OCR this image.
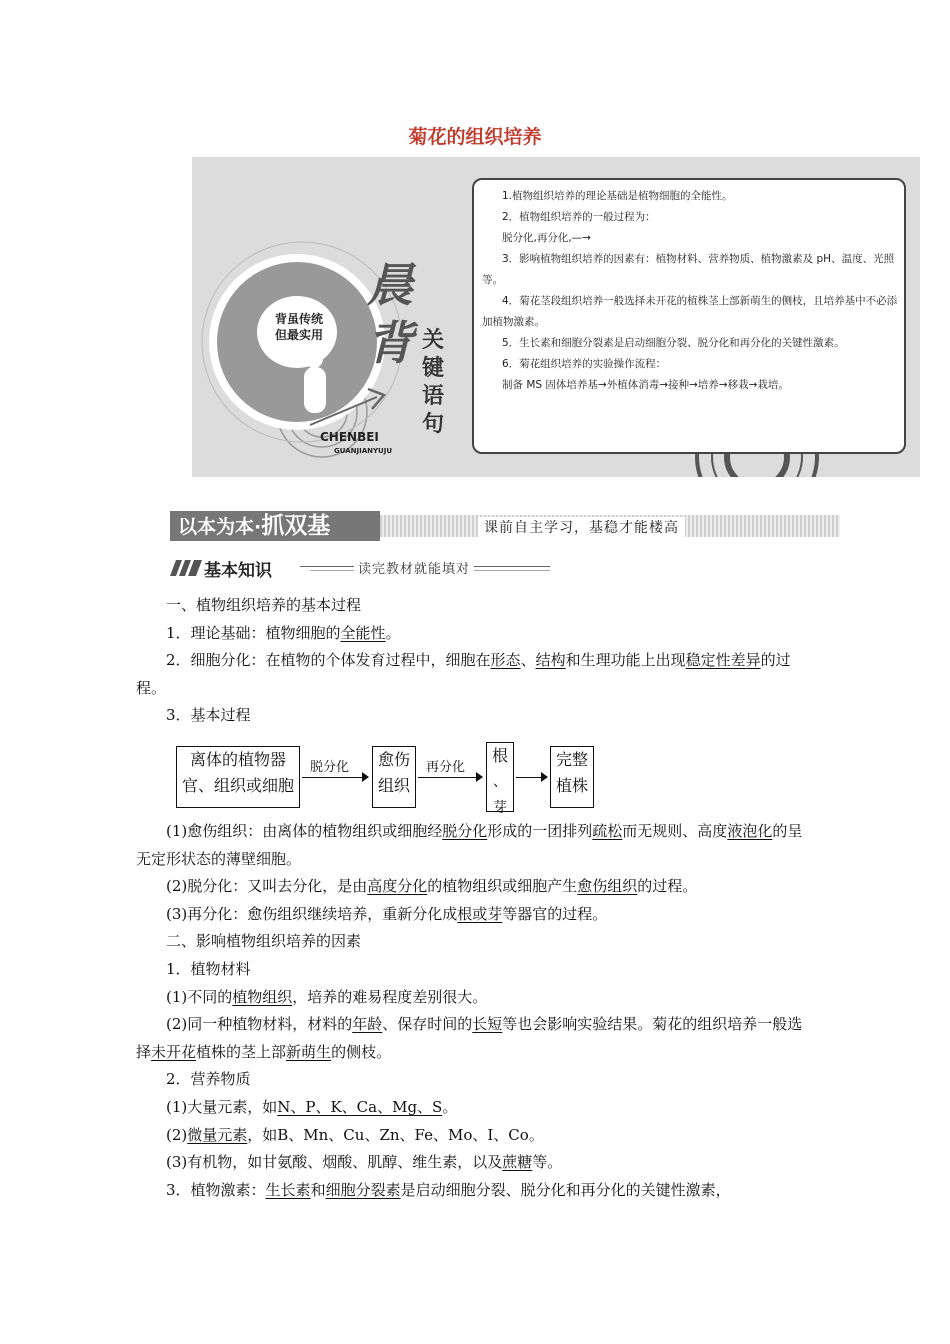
菊花的组织培养
背虽传统
但最实用
晨
背 关
键
语
句
CHENBEI
GUANJIANYUJU

1.植物组织培养的理论基础是植物细胞的全能性。

2．植物组织培养的一般过程为：

脱分化,再分化,—→

3．影响植物组织培养的因素有：植物材料、营养物质、植物激素及 pH、温度、光照等。

4．菊花茎段组织培养一般选择未开花的植株茎上部新萌生的侧枝，且培养基中不必添加植物激素。

5．生长素和细胞分裂素是启动细胞分裂、脱分化和再分化的关键性激素。

6．菊花组织培养的实验操作流程：

制备 MS 固体培养基→外植体消毒→接种→培养→移栽→栽培。

以本为本·抓双基	课前自主学习，基稳才能楼高
基本知识	读完教材就能填对

一、植物组织培养的基本过程

1．理论基础：植物细胞的全能性。

2．细胞分化：在植物的个体发育过程中，细胞在形态、结构和生理功能上出现稳定性差异的过程。

3．基本过程

离体的植物器
官、组织或细胞
脱分化	愈伤
组织
再分化
根
、芽
完整
植株

(1)愈伤组织：由离体的植物组织或细胞经脱分化形成的一团排列疏松而无规则、高度液泡化的呈无定形状态的薄壁细胞。

(2)脱分化：又叫去分化，是由高度分化的植物组织或细胞产生愈伤组织的过程。

(3)再分化：愈伤组织继续培养，重新分化成根或芽等器官的过程。

二、影响植物组织培养的因素

1．植物材料

(1)不同的植物组织，培养的难易程度差别很大。

(2)同一种植物材料，材料的年龄、保存时间的长短等也会影响实验结果。菊花的组织培养一般选择未开花植株的茎上部新萌生的侧枝。

2．营养物质

(1)大量元素，如N、P、K、Ca、Mg、S。

(2)微量元素，如B、Mn、Cu、Zn、Fe、Mo、I、Co。

(3)有机物，如甘氨酸、烟酸、肌醇、维生素，以及蔗糖等。

3．植物激素：生长素和细胞分裂素是启动细胞分裂、脱分化和再分化的关键性激素，
